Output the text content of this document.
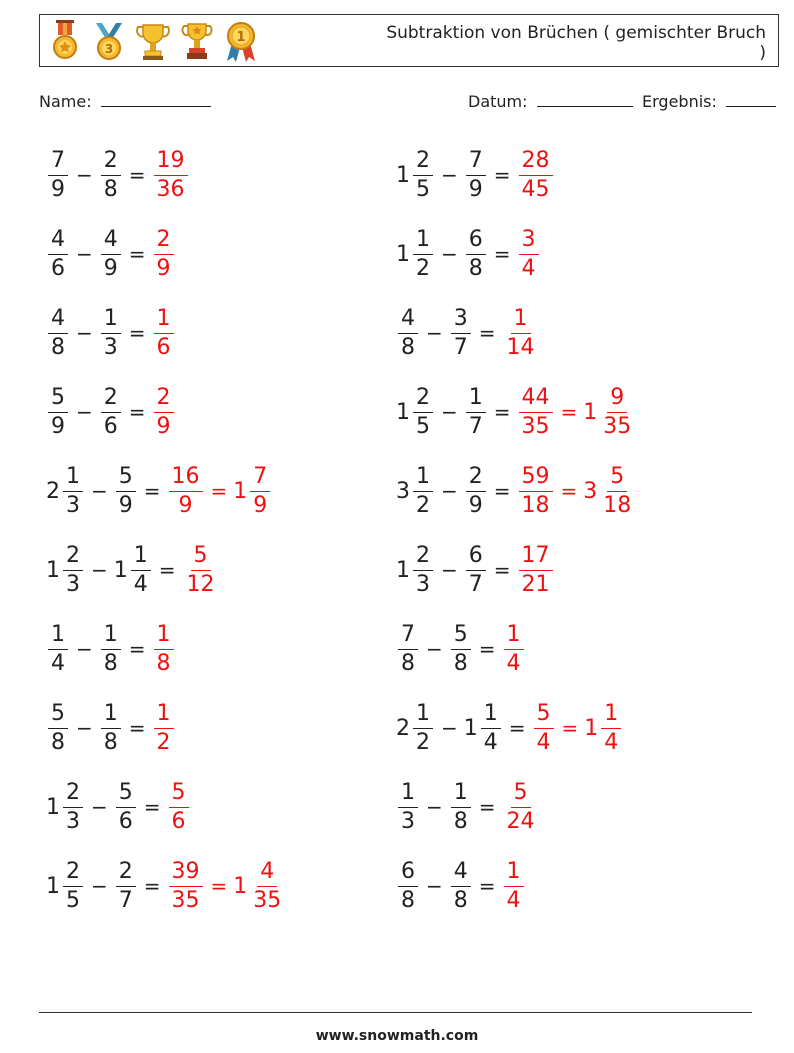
3
1	Subtraktion von Brüchen ( gemischter Bruch )
Name:	Datum:	Ergebnis:
$\frac{7}{9} - \frac{2}{8} = \frac{19}{36}$	$1 \frac{2}{5} - \frac{7}{9} = \frac{28}{45}$
$\frac{4}{6} - \frac{4}{9} = \frac{2}{9}$	$1 \frac{1}{2} - \frac{6}{8} = \frac{3}{4}$
$\frac{4}{8} - \frac{1}{3} = \frac{1}{6}$	$\frac{4}{8} - \frac{3}{7} = \frac{1}{14}$
$\frac{5}{9} - \frac{2}{6} = \frac{2}{9}$	$1 \frac{2}{5} - \frac{1}{7} = \frac{44}{35} = 1 \frac{9}{35}$
$2 \frac{1}{3} - \frac{5}{9} = \frac{16}{9} = 1 \frac{7}{9}$	$3 \frac{1}{2} - \frac{2}{9} = \frac{59}{18} = 3 \frac{5}{18}$
$1 \frac{2}{3} - 1 \frac{1}{4} = \frac{5}{12}$	$1 \frac{2}{3} - \frac{6}{7} = \frac{17}{21}$
$\frac{1}{4} - \frac{1}{8} = \frac{1}{8}$	$\frac{7}{8} - \frac{5}{8} = \frac{1}{4}$
$\frac{5}{8} - \frac{1}{8} = \frac{1}{2}$	$2 \frac{1}{2} - 1 \frac{1}{4} = \frac{5}{4} = 1 \frac{1}{4}$
$1 \frac{2}{3} - \frac{5}{6} = \frac{5}{6}$	$\frac{1}{3} - \frac{1}{8} = \frac{5}{24}$
$1 \frac{2}{5} - \frac{2}{7} = \frac{39}{35} = 1 \frac{4}{35}$	$\frac{6}{8} - \frac{4}{8} = \frac{1}{4}$
www.snowmath.com
